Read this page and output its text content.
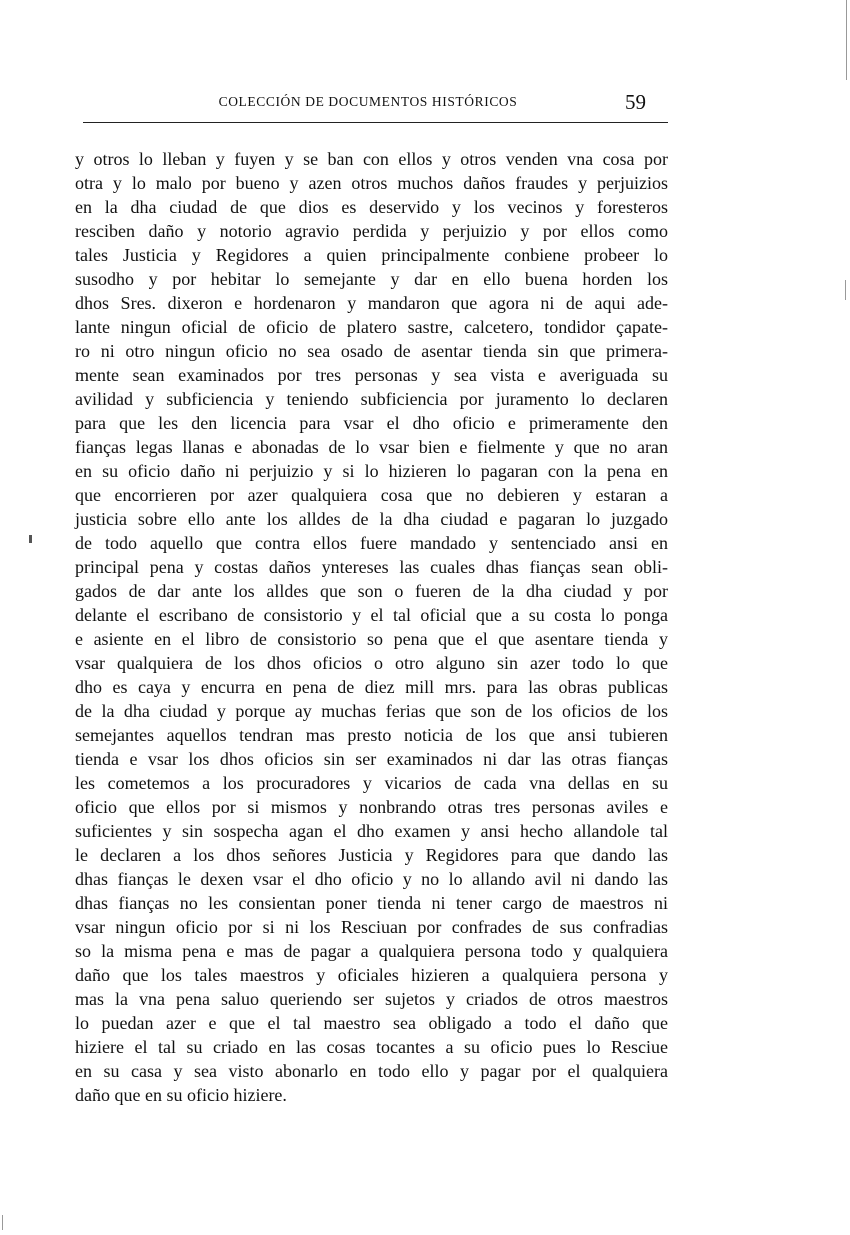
COLECCIÓN DE DOCUMENTOS HISTÓRICOS	59
y otros lo lleban y fuyen y se ban con ellos y otros venden vna cosa por
otra y lo malo por bueno y azen otros muchos daños fraudes y perjuizios
en la dha ciudad de que dios es deservido y los vecinos y foresteros
resciben daño y notorio agravio perdida y perjuizio y por ellos como
tales Justicia y Regidores a quien principalmente conbiene probeer lo
susodho y por hebitar lo semejante y dar en ello buena horden los
dhos Sres. dixeron e hordenaron y mandaron que agora ni de aqui ade-
lante ningun oficial de oficio de platero sastre, calcetero, tondidor çapate-
ro ni otro ningun oficio no sea osado de asentar tienda sin que primera-
mente sean examinados por tres personas y sea vista e averiguada su
avilidad y subficiencia y teniendo subficiencia por juramento lo declaren
para que les den licencia para vsar el dho oficio e primeramente den
fianças legas llanas e abonadas de lo vsar bien e fielmente y que no aran
en su oficio daño ni perjuizio y si lo hizieren lo pagaran con la pena en
que encorrieren por azer qualquiera cosa que no debieren y estaran a
justicia sobre ello ante los alldes de la dha ciudad e pagaran lo juzgado
de todo aquello que contra ellos fuere mandado y sentenciado ansi en
principal pena y costas daños yntereses las cuales dhas fianças sean obli-
gados de dar ante los alldes que son o fueren de la dha ciudad y por
delante el escribano de consistorio y el tal oficial que a su costa lo ponga
e asiente en el libro de consistorio so pena que el que asentare tienda y
vsar qualquiera de los dhos oficios o otro alguno sin azer todo lo que
dho es caya y encurra en pena de diez mill mrs. para las obras publicas
de la dha ciudad y porque ay muchas ferias que son de los oficios de los
semejantes aquellos tendran mas presto noticia de los que ansi tubieren
tienda e vsar los dhos oficios sin ser examinados ni dar las otras fianças
les cometemos a los procuradores y vicarios de cada vna dellas en su
oficio que ellos por si mismos y nonbrando otras tres personas aviles e
suficientes y sin sospecha agan el dho examen y ansi hecho allandole tal
le declaren a los dhos señores Justicia y Regidores para que dando las
dhas fianças le dexen vsar el dho oficio y no lo allando avil ni dando las
dhas fianças no les consientan poner tienda ni tener cargo de maestros ni
vsar ningun oficio por si ni los Resciuan por confrades de sus confradias
so la misma pena e mas de pagar a qualquiera persona todo y qualquiera
daño que los tales maestros y oficiales hizieren a qualquiera persona y
mas la vna pena saluo queriendo ser sujetos y criados de otros maestros
lo puedan azer e que el tal maestro sea obligado a todo el daño que
hiziere el tal su criado en las cosas tocantes a su oficio pues lo Resciue
en su casa y sea visto abonarlo en todo ello y pagar por el qualquiera
daño que en su oficio hiziere.
